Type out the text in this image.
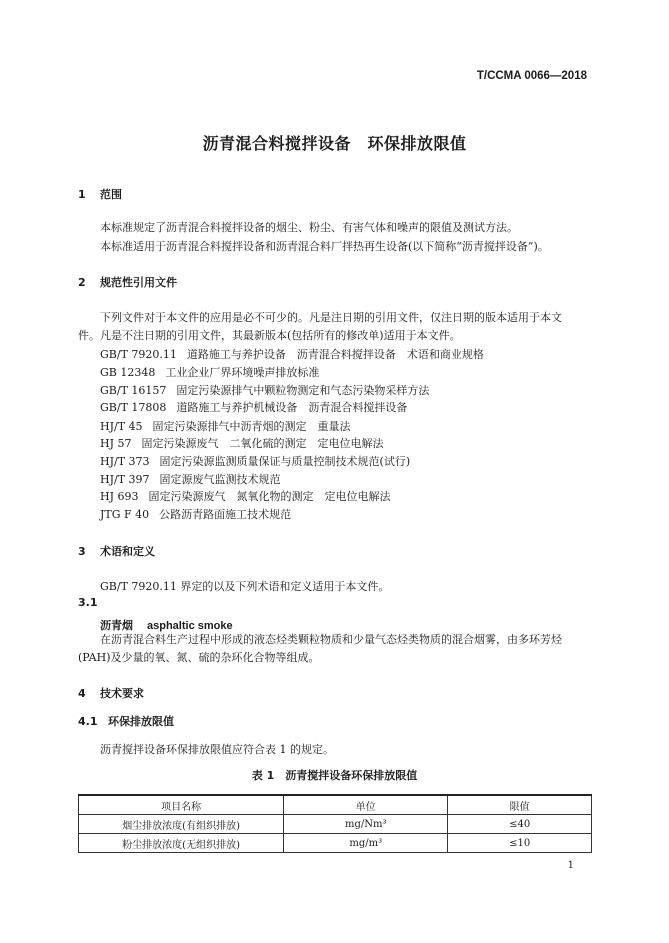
T/CCMA 0066—2018
沥青混合料搅拌设备　环保排放限值
1 范围
本标准规定了沥青混合料搅拌设备的烟尘、粉尘、有害气体和噪声的限值及测试方法。
本标准适用于沥青混合料搅拌设备和沥青混合料厂拌热再生设备(以下简称“沥青搅拌设备”)。
2 规范性引用文件
下列文件对于本文件的应用是必不可少的。凡是注日期的引用文件，仅注日期的版本适用于本文
件。凡是不注日期的引用文件，其最新版本(包括所有的修改单)适用于本文件。
GB/T 7920.11 道路施工与养护设备　沥青混合料搅拌设备　术语和商业规格
GB 12348 工业企业厂界环境噪声排放标准
GB/T 16157 固定污染源排气中颗粒物测定和气态污染物采样方法
GB/T 17808 道路施工与养护机械设备　沥青混合料搅拌设备
HJ/T 45 固定污染源排气中沥青烟的测定　重量法
HJ 57 固定污染源废气　二氧化硫的测定　定电位电解法
HJ/T 373 固定污染源监测质量保证与质量控制技术规范(试行)
HJ/T 397 固定源废气监测技术规范
HJ 693 固定污染源废气　氮氧化物的测定　定电位电解法
JTG F 40 公路沥青路面施工技术规范
3 术语和定义
GB/T 7920.11 界定的以及下列术语和定义适用于本文件。
3.1
沥青烟 asphaltic smoke
在沥青混合料生产过程中形成的液态烃类颗粒物质和少量气态烃类物质的混合烟雾，由多环芳烃
(PAH)及少量的氧、氮、硫的杂环化合物等组成。
4 技术要求
4.1 环保排放限值
沥青搅拌设备环保排放限值应符合表 1 的规定。
表 1　沥青搅拌设备环保排放限值
项目名称	单位	限值
烟尘排放浓度(有组织排放)	mg/Nm³	≤40
粉尘排放浓度(无组织排放)	mg/m³	≤10
1
